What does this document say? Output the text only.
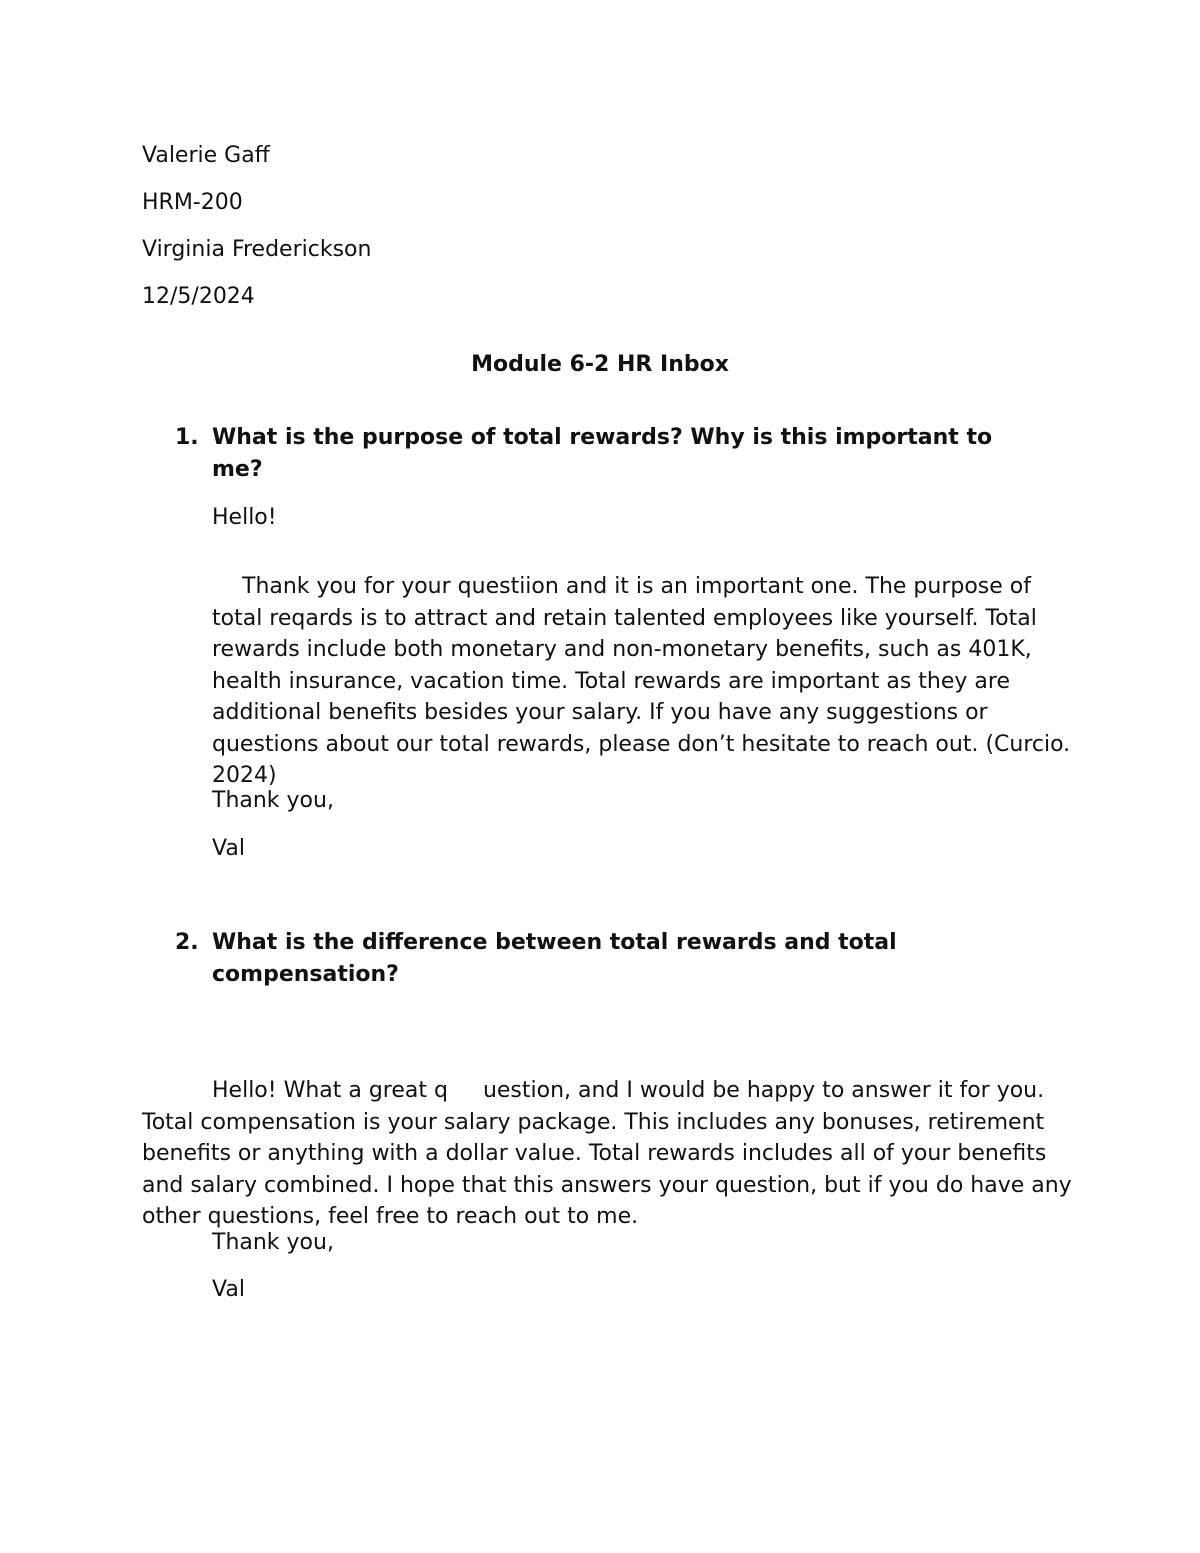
Valerie Gaff

HRM-200

Virginia Frederickson

12/5/2024

Module 6-2 HR Inbox

1. What is the purpose of total rewards? Why is this important to
me?

Hello!

Thank you for your questiion and it is an important one. The purpose of total reqards is to attract and retain talented employees like yourself. Total rewards include both monetary and non-monetary benefits, such as 401K, health insurance, vacation time. Total rewards are important as they are additional benefits besides your salary. If you have any suggestions or questions about our total rewards, please don’t hesitate to reach out. (Curcio. 2024)

Thank you,

Val

2. What is the difference between total rewards and total
compensation?

Hello! What a great q     uestion, and I would be happy to answer it for you.  Total compensation is your salary package. This includes any bonuses, retirement benefits or anything with a dollar value. Total rewards includes all of your benefits and salary combined. I hope that this answers your question, but if you do have any other questions, feel free to reach out to me.

Thank you,

Val
